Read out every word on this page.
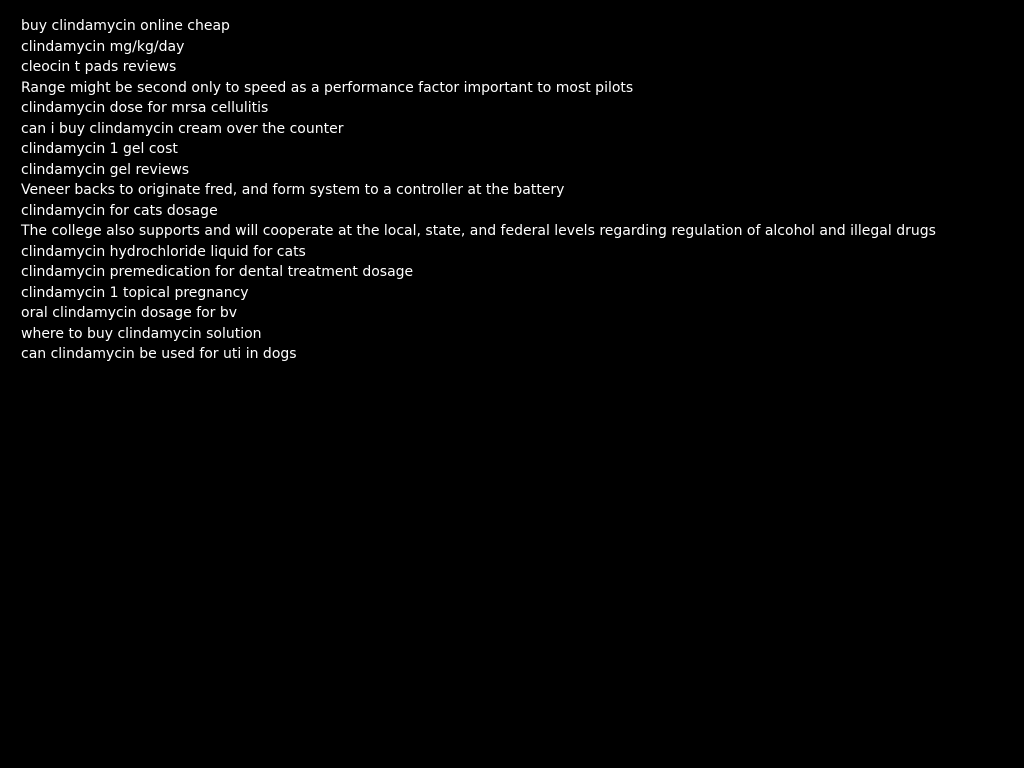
buy clindamycin online cheap
clindamycin mg/kg/day
cleocin t pads reviews
Range might be second only to speed as a performance factor important to most pilots
clindamycin dose for mrsa cellulitis
can i buy clindamycin cream over the counter
clindamycin 1 gel cost
clindamycin gel reviews
Veneer backs to originate fred, and form system to a controller at the battery
clindamycin for cats dosage
The college also supports and will cooperate at the local, state, and federal levels regarding regulation of alcohol and illegal drugs
clindamycin hydrochloride liquid for cats
clindamycin premedication for dental treatment dosage
clindamycin 1 topical pregnancy
oral clindamycin dosage for bv
where to buy clindamycin solution
can clindamycin be used for uti in dogs
